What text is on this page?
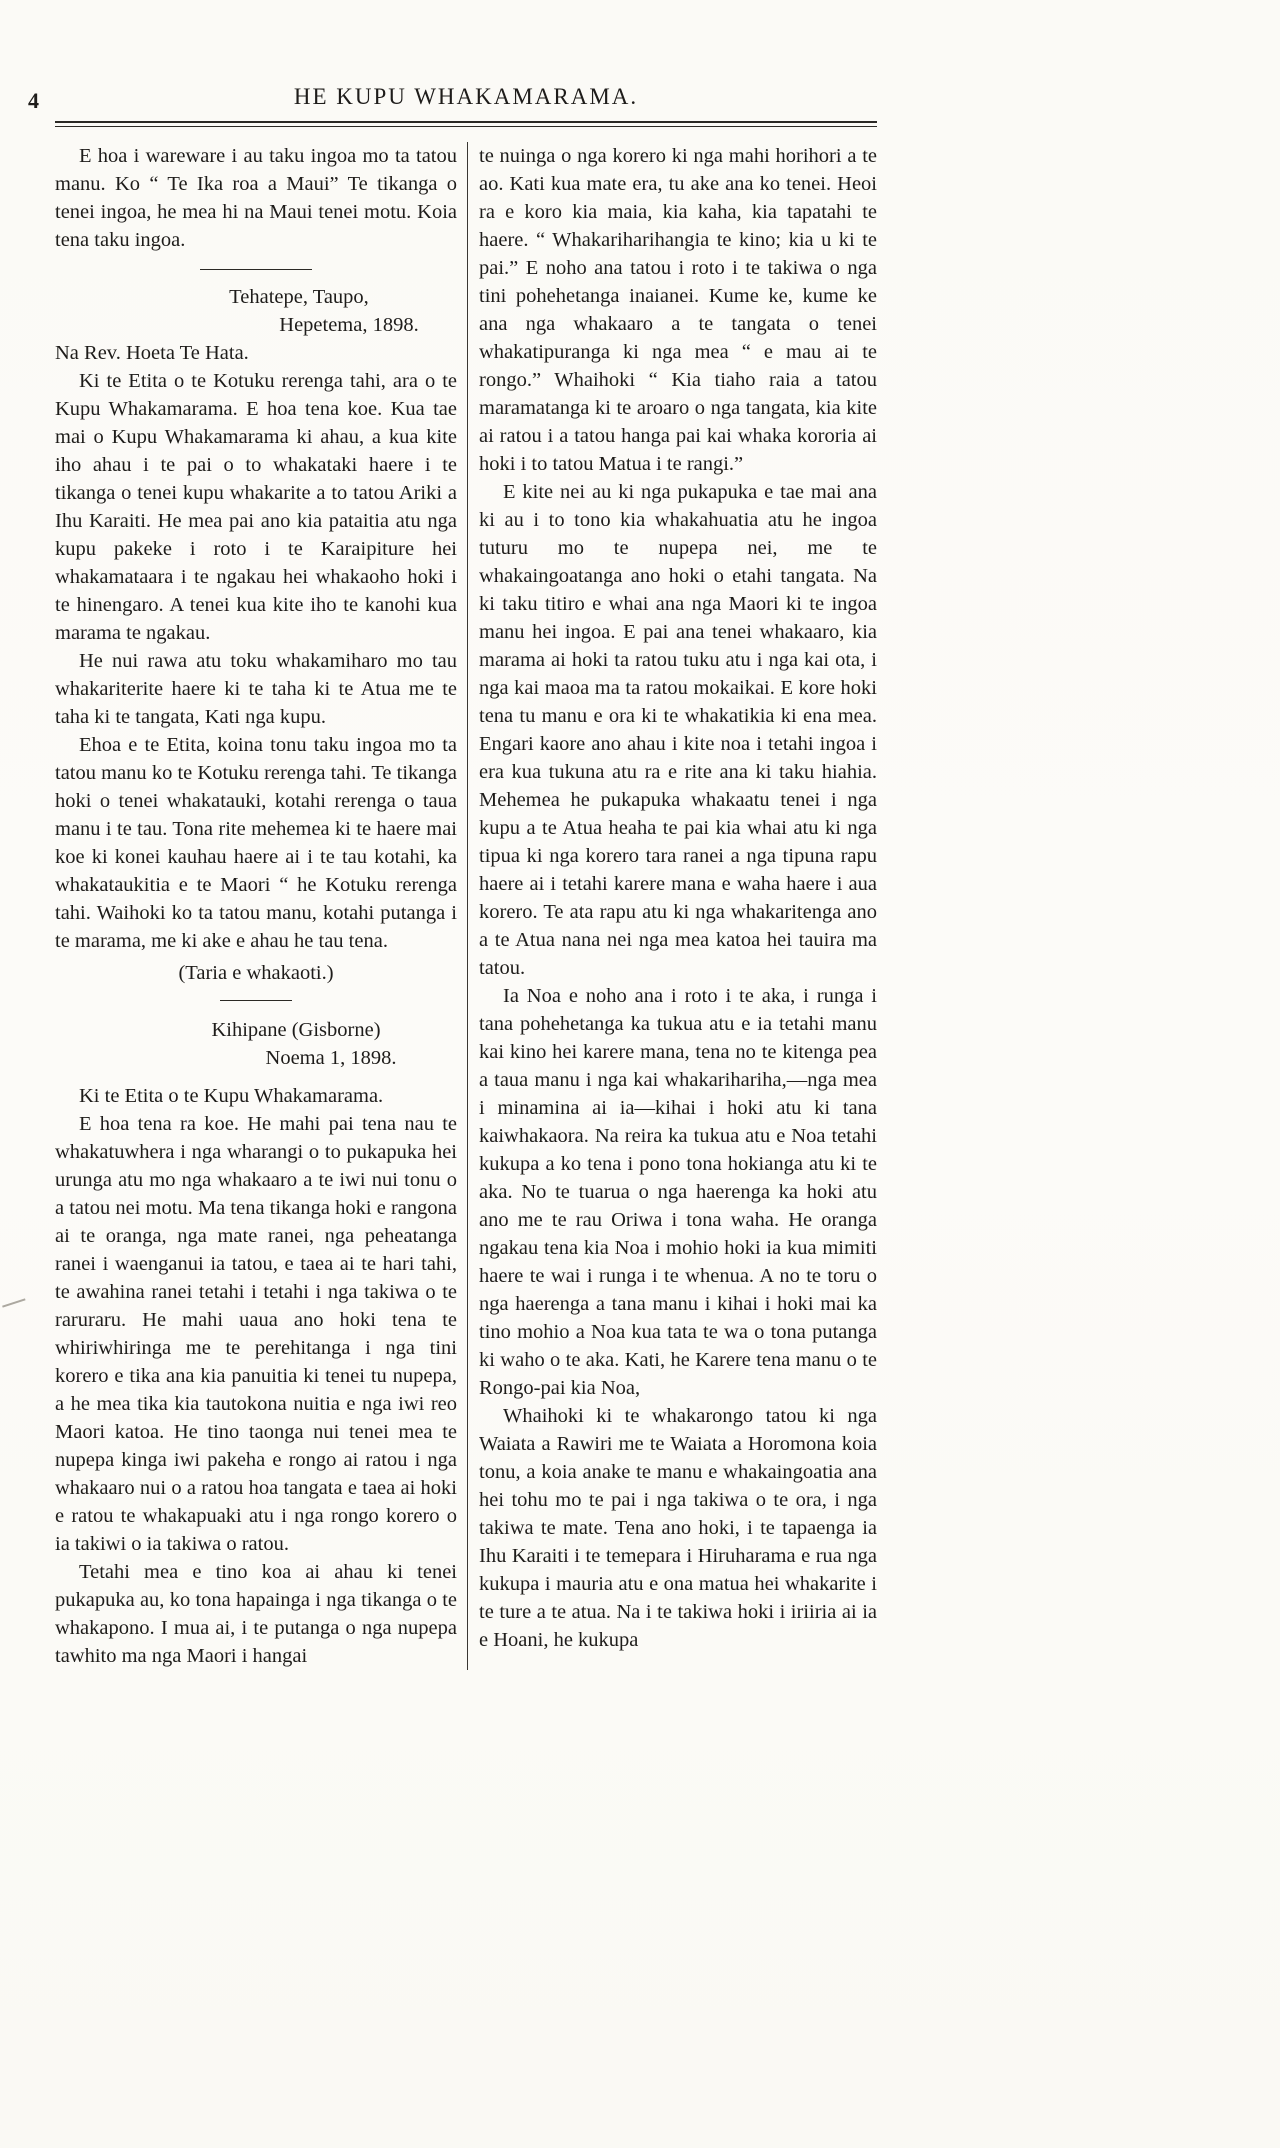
4	HE KUPU WHAKAMARAMA.

E hoa i wareware i au taku ingoa mo ta tatou manu. Ko “ Te Ika roa a Maui” Te tikanga o tenei ingoa, he mea hi na Maui tenei motu. Koia tena taku ingoa.

Tehatepe, Taupo,
Hepetema, 1898.

Na Rev. Hoeta Te Hata.

Ki te Etita o te Kotuku rerenga tahi, ara o te Kupu Whakamarama. E hoa tena koe. Kua tae mai o Kupu Whakamarama ki ahau, a kua kite iho ahau i te pai o to whakataki haere i te tikanga o tenei kupu whakarite a to tatou Ariki a Ihu Karaiti. He mea pai ano kia pataitia atu nga kupu pakeke i roto i te Karaipiture hei whakamataara i te ngakau hei whakaoho hoki i te hinengaro. A tenei kua kite iho te kanohi kua marama te ngakau.

He nui rawa atu toku whakamiharo mo tau whakariterite haere ki te taha ki te Atua me te taha ki te tangata, Kati nga kupu.

Ehoa e te Etita, koina tonu taku ingoa mo ta tatou manu ko te Kotuku rerenga tahi. Te tikanga hoki o tenei whakatauki, kotahi rerenga o taua manu i te tau. Tona rite mehemea ki te haere mai koe ki konei kauhau haere ai i te tau kotahi, ka whakataukitia e te Maori “ he Kotuku rerenga tahi. Waihoki ko ta tatou manu, kotahi putanga i te marama, me ki ake e ahau he tau tena.

(Taria e whakaoti.)

Kihipane (Gisborne)
Noema 1, 1898.

Ki te Etita o te Kupu Whakamarama.

E hoa tena ra koe. He mahi pai tena nau te whakatuwhera i nga wharangi o to pukapuka hei urunga atu mo nga whakaaro a te iwi nui tonu o a tatou nei motu. Ma tena tikanga hoki e rangona ai te oranga, nga mate ranei, nga peheatanga ranei i waenganui ia tatou, e taea ai te hari tahi, te awahina ranei tetahi i tetahi i nga takiwa o te raruraru. He mahi uaua ano hoki tena te whiriwhiringa me te perehitanga i nga tini korero e tika ana kia panuitia ki tenei tu nupepa, a he mea tika kia tautokona nuitia e nga iwi reo Maori katoa. He tino taonga nui tenei mea te nupepa kinga iwi pakeha e rongo ai ratou i nga whakaaro nui o a ratou hoa tangata e taea ai hoki e ratou te whakapuaki atu i nga rongo korero o ia takiwi o ia takiwa o ratou.

Tetahi mea e tino koa ai ahau ki tenei pukapuka au, ko tona hapainga i nga tikanga o te whakapono. I mua ai, i te putanga o nga nupepa tawhito ma nga Maori i hangai

te nuinga o nga korero ki nga mahi horihori a te ao. Kati kua mate era, tu ake ana ko tenei. Heoi ra e koro kia maia, kia kaha, kia tapatahi te haere. “ Whakariharihangia te kino; kia u ki te pai.” E noho ana tatou i roto i te takiwa o nga tini pohehetanga inaianei. Kume ke, kume ke ana nga whakaaro a te tangata o tenei whakatipuranga ki nga mea “ e mau ai te rongo.” Whaihoki “ Kia tiaho raia a tatou maramatanga ki te aroaro o nga tangata, kia kite ai ratou i a tatou hanga pai kai whaka kororia ai hoki i to tatou Matua i te rangi.”

E kite nei au ki nga pukapuka e tae mai ana ki au i to tono kia whakahuatia atu he ingoa tuturu mo te nupepa nei, me te whakaingoatanga ano hoki o etahi tangata. Na ki taku titiro e whai ana nga Maori ki te ingoa manu hei ingoa. E pai ana tenei whakaaro, kia marama ai hoki ta ratou tuku atu i nga kai ota, i nga kai maoa ma ta ratou mokaikai. E kore hoki tena tu manu e ora ki te whakatikia ki ena mea. Engari kaore ano ahau i kite noa i tetahi ingoa i era kua tukuna atu ra e rite ana ki taku hiahia. Mehemea he pukapuka whakaatu tenei i nga kupu a te Atua heaha te pai kia whai atu ki nga tipua ki nga korero tara ranei a nga tipuna rapu haere ai i tetahi karere mana e waha haere i aua korero. Te ata rapu atu ki nga whakaritenga ano a te Atua nana nei nga mea katoa hei tauira ma tatou.

Ia Noa e noho ana i roto i te aka, i runga i tana pohehetanga ka tukua atu e ia tetahi manu kai kino hei karere mana, tena no te kitenga pea a taua manu i nga kai whakarihariha,—nga mea i minamina ai ia—kihai i hoki atu ki tana kaiwhakaora. Na reira ka tukua atu e Noa tetahi kukupa a ko tena i pono tona hokianga atu ki te aka. No te tuarua o nga haerenga ka hoki atu ano me te rau Oriwa i tona waha. He oranga ngakau tena kia Noa i mohio hoki ia kua mimiti haere te wai i runga i te whenua. A no te toru o nga haerenga a tana manu i kihai i hoki mai ka tino mohio a Noa kua tata te wa o tona putanga ki waho o te aka. Kati, he Karere tena manu o te Rongo-pai kia Noa,

Whaihoki ki te whakarongo tatou ki nga Waiata a Rawiri me te Waiata a Horomona koia tonu, a koia anake te manu e whakaingoatia ana hei tohu mo te pai i nga takiwa o te ora, i nga takiwa te mate. Tena ano hoki, i te tapaenga ia Ihu Karaiti i te temepara i Hiruharama e rua nga kukupa i mauria atu e ona matua hei whakarite i te ture a te atua. Na i te takiwa hoki i iriiria ai ia e Hoani, he kukupa
